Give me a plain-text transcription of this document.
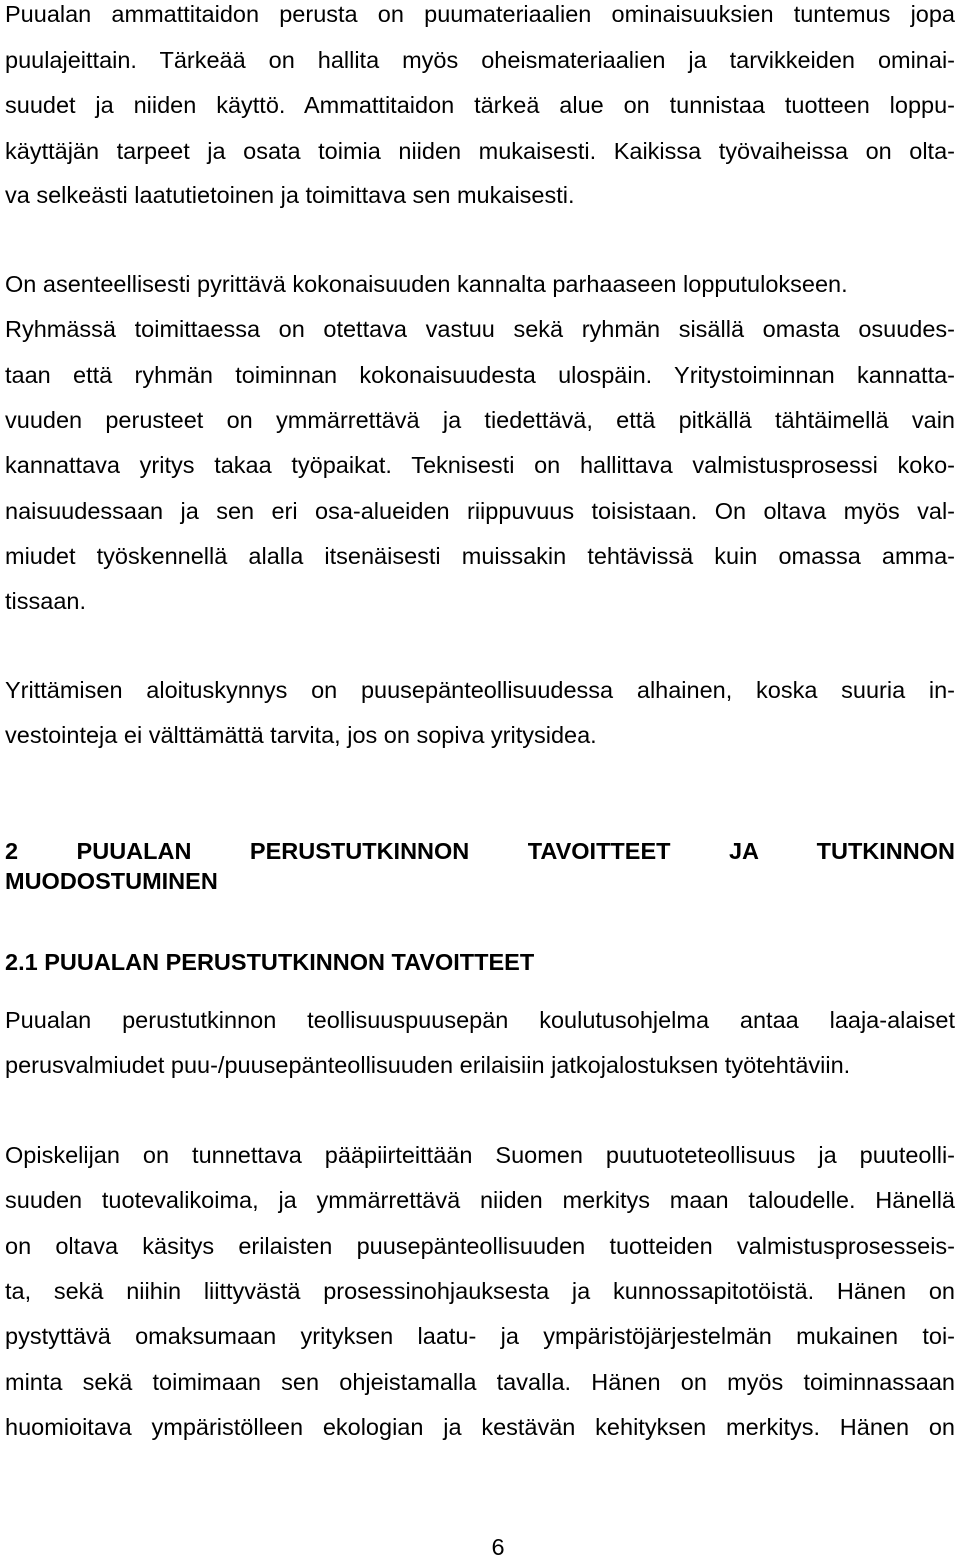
Puualan ammattitaidon perusta on puumateriaalien ominaisuuksien tuntemus jopa

puulajeittain. Tärkeää on hallita myös oheismateriaalien ja tarvikkeiden ominai-

suudet ja niiden käyttö. Ammattitaidon tärkeä alue on tunnistaa tuotteen loppu-

käyttäjän tarpeet ja osata toimia niiden mukaisesti. Kaikissa työvaiheissa on olta-

va selkeästi laatutietoinen ja toimittava sen mukaisesti.

On asenteellisesti pyrittävä kokonaisuuden kannalta parhaaseen lopputulokseen.

Ryhmässä toimittaessa on otettava vastuu sekä ryhmän sisällä omasta osuudes-

taan että ryhmän toiminnan kokonaisuudesta ulospäin. Yritystoiminnan kannatta-

vuuden perusteet on ymmärrettävä ja tiedettävä, että pitkällä tähtäimellä vain

kannattava yritys takaa työpaikat. Teknisesti on hallittava valmistusprosessi koko-

naisuudessaan ja sen eri osa-alueiden riippuvuus toisistaan. On oltava myös val-

miudet työskennellä alalla itsenäisesti muissakin tehtävissä kuin omassa amma-

tissaan.

Yrittämisen aloituskynnys on puusepänteollisuudessa alhainen, koska suuria in-

vestointeja ei välttämättä tarvita, jos on sopiva yritysidea.

2 PUUALAN PERUSTUTKINNON TAVOITTEET JA TUTKINNON

MUODOSTUMINEN

2.1 PUUALAN PERUSTUTKINNON TAVOITTEET

Puualan perustutkinnon teollisuuspuusepän koulutusohjelma antaa laaja-alaiset

perusvalmiudet puu-/puusepänteollisuuden erilaisiin jatkojalostuksen työtehtäviin.

Opiskelijan on tunnettava pääpiirteittään Suomen puutuoteteollisuus ja puuteolli-

suuden tuotevalikoima, ja ymmärrettävä niiden merkitys maan taloudelle. Hänellä

on oltava käsitys erilaisten puusepänteollisuuden tuotteiden valmistusprosesseis-

ta, sekä niihin liittyvästä prosessinohjauksesta ja kunnossapitotöistä. Hänen on

pystyttävä omaksumaan yrityksen laatu- ja ympäristöjärjestelmän mukainen toi-

minta sekä toimimaan sen ohjeistamalla tavalla. Hänen on myös toiminnassaan

huomioitava ympäristölleen ekologian ja kestävän kehityksen merkitys. Hänen on

6
